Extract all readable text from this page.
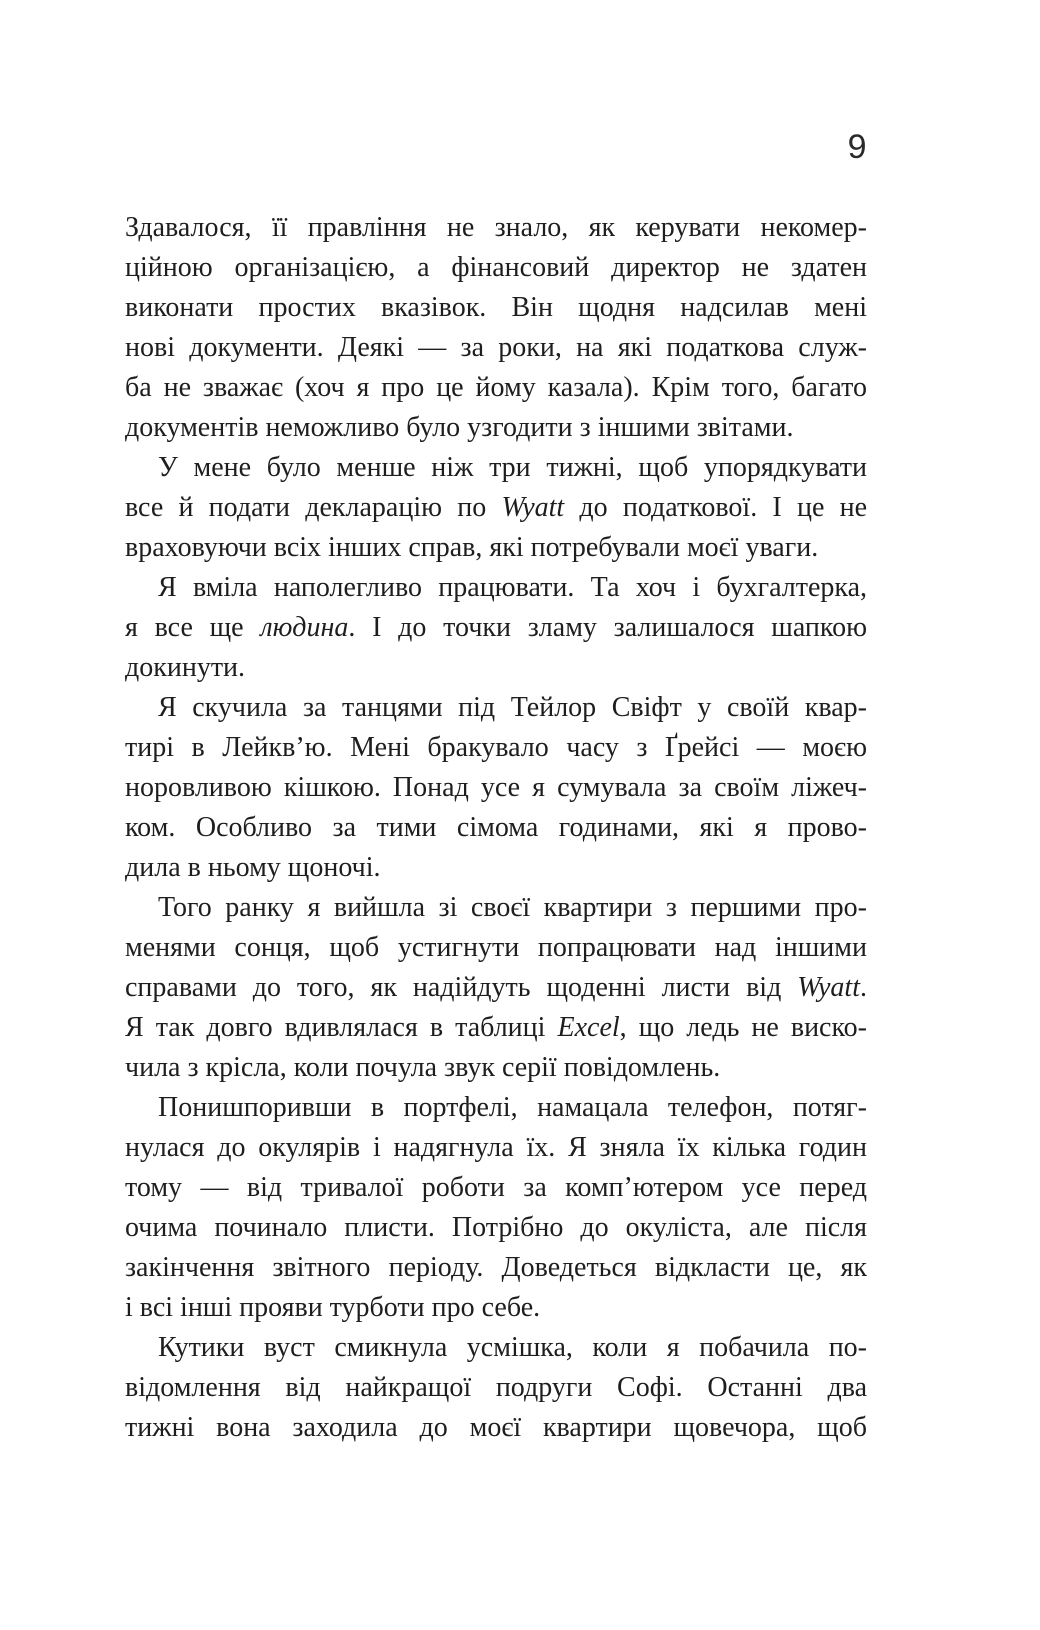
9
Здавалося, її правління не знало, як керувати некомер-
ційною організацією, а фінансовий директор не здатен
виконати простих вказівок. Він щодня надсилав мені
нові документи. Деякі — за роки, на які податкова служ-
ба не зважає (хоч я про це йому казала). Крім того, багато
документів неможливо було узгодити з іншими звітами.
У мене було менше ніж три тижні, щоб упорядкувати
все й подати декларацію по Wyatt до податкової. І це не
враховуючи всіх інших справ, які потребували моєї уваги.
Я вміла наполегливо працювати. Та хоч і бухгалтерка,
я все ще людина. І до точки зламу залишалося шапкою
докинути.
Я скучила за танцями під Тейлор Свіфт у своїй квар-
тирі в Лейкв’ю. Мені бракувало часу з Ґрейсі — моєю
норовливою кішкою. Понад усе я сумувала за своїм ліжеч-
ком. Особливо за тими сімома годинами, які я прово-
дила в ньому щоночі.
Того ранку я вийшла зі своєї квартири з першими про-
менями сонця, щоб устигнути попрацювати над іншими
справами до того, як надійдуть щоденні листи від Wyatt.
Я так довго вдивлялася в таблиці Excel, що ледь не виско-
чила з крісла, коли почула звук серії повідомлень.
Понишпоривши в портфелі, намацала телефон, потяг-
нулася до окулярів і надягнула їх. Я зняла їх кілька годин
тому — від тривалої роботи за комп’ютером усе перед
очима починало плисти. Потрібно до окуліста, але після
закінчення звітного періоду. Доведеться відкласти це, як
і всі інші прояви турботи про себе.
Кутики вуст смикнула усмішка, коли я побачила по-
відомлення від найкращої подруги Софі. Останні два
тижні вона заходила до моєї квартири щовечора, щоб
